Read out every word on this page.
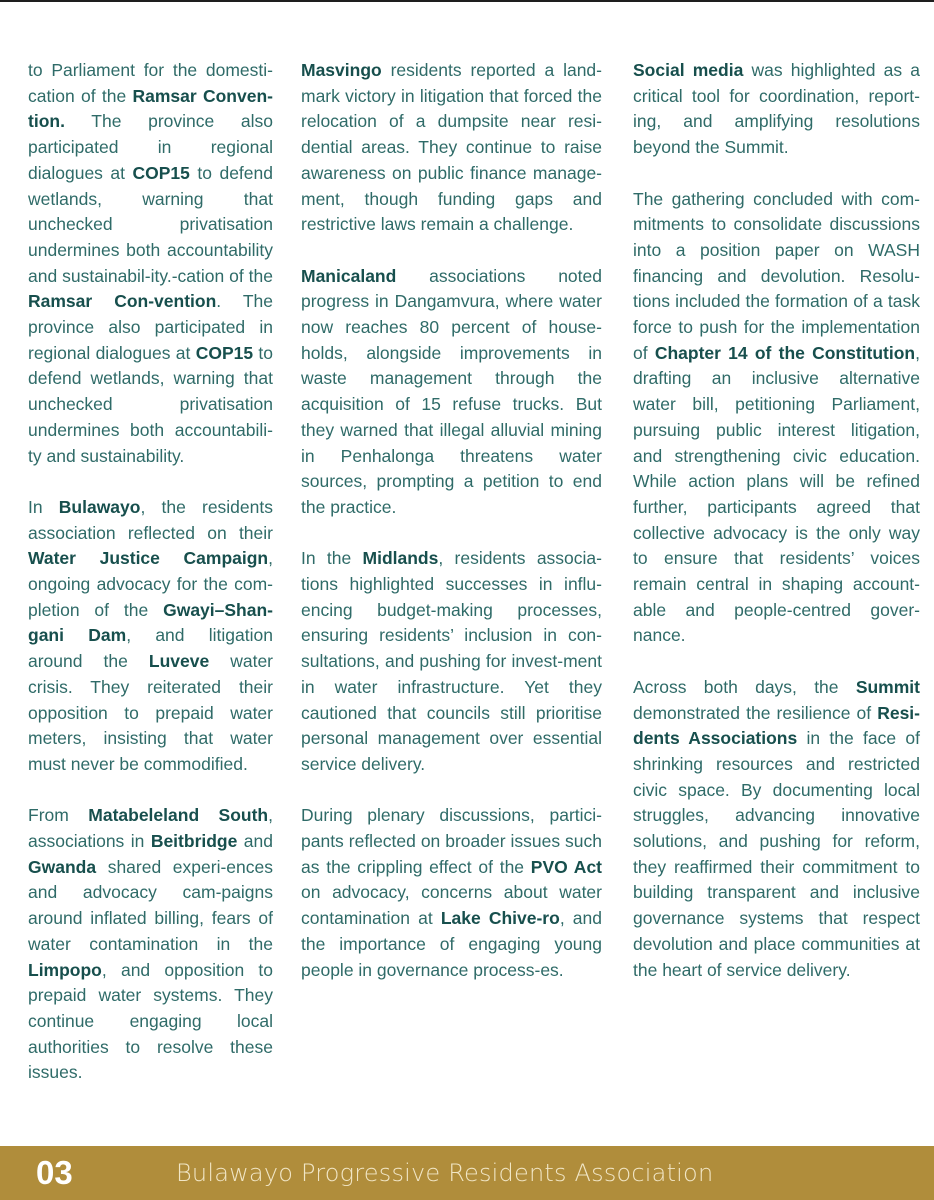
to Parliament for the domesti-cation of the Ramsar Conven-tion. The province also participated in regional dialogues at COP15 to defend wetlands, warning that unchecked privatisation undermines both accountability and sustainabil-ity.-cation of the Ramsar Con-vention. The province also participated in regional dialogues at COP15 to defend wetlands, warning that unchecked privatisation undermines both accountabili-ty and sustainability.

In Bulawayo, the residents association reflected on their Water Justice Campaign, ongoing advocacy for the com-pletion of the Gwayi–Shan-gani Dam, and litigation around the Luveve water crisis. They reiterated their opposition to prepaid water meters, insisting that water must never be commodified.

From Matabeleland South, associations in Beitbridge and Gwanda shared experi-ences and advocacy cam-paigns around inflated billing, fears of water contamination in the Limpopo, and opposition to prepaid water systems. They continue engaging local authorities to resolve these issues.

Masvingo residents reported a land-mark victory in litigation that forced the relocation of a dumpsite near resi-dential areas. They continue to raise awareness on public finance manage-ment, though funding gaps and restrictive laws remain a challenge.

Manicaland associations noted progress in Dangamvura, where water now reaches 80 percent of house-holds, alongside improvements in waste management through the acquisition of 15 refuse trucks. But they warned that illegal alluvial mining in Penhalonga threatens water sources, prompting a petition to end the practice.

In the Midlands, residents associa-tions highlighted successes in influ-encing budget-making processes, ensuring residents’ inclusion in con-sultations, and pushing for invest-ment in water infrastructure. Yet they cautioned that councils still prioritise personal management over essential service delivery.

During plenary discussions, partici-pants reflected on broader issues such as the crippling effect of the PVO Act on advocacy, concerns about water contamination at Lake Chive-ro, and the importance of engaging young people in governance process-es.

Social media was highlighted as a critical tool for coordination, report-ing, and amplifying resolutions beyond the Summit.

The gathering concluded with com-mitments to consolidate discussions into a position paper on WASH financing and devolution. Resolu-tions included the formation of a task force to push for the implementation of Chapter 14 of the Constitution, drafting an inclusive alternative water bill, petitioning Parliament, pursuing public interest litigation, and strengthening civic education. While action plans will be refined further, participants agreed that collective advocacy is the only way to ensure that residents’ voices remain central in shaping account-able and people-centred gover-nance.

Across both days, the Summit demonstrated the resilience of Resi-dents Associations in the face of shrinking resources and restricted civic space. By documenting local struggles, advancing innovative solutions, and pushing for reform, they reaffirmed their commitment to building transparent and inclusive governance systems that respect devolution and place communities at the heart of service delivery.

03	Bulawayo Progressive Residents Association
